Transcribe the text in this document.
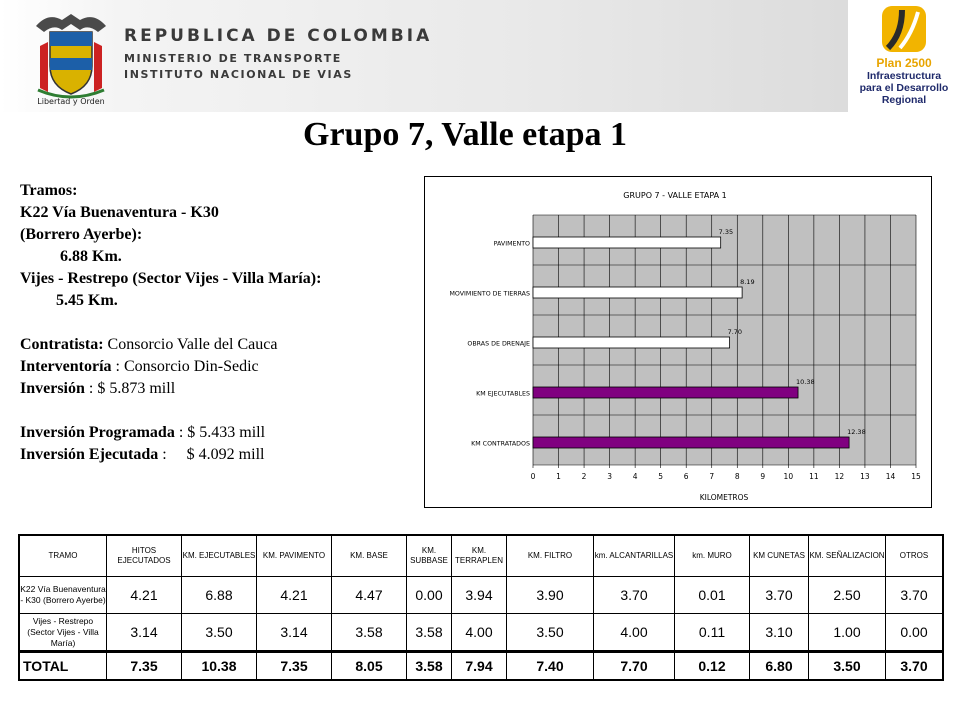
Libertad y Orden
REPUBLICA DE COLOMBIA
MINISTERIO DE TRANSPORTE
INSTITUTO NACIONAL DE VIAS
Plan 2500
Infraestructura
para el Desarrollo
Regional
Grupo 7, Valle etapa 1
Tramos:
K22 Vía Buenaventura - K30
(Borrero Ayerbe):
6.88 Km.
Vijes - Restrepo (Sector Vijes - Villa María):
5.45 Km.
Contratista: Consorcio Valle del Cauca
Interventoría : Consorcio Din-Sedic
Inversión : $ 5.873 mill
Inversión Programada : $ 5.433 mill
Inversión Ejecutada :     $ 4.092 mill
GRUPO 7 - VALLE ETAPA 1
KILOMETROS
PAVIMENTO
7.35
MOVIMIENTO DE TIERRAS
8.19
OBRAS DE DRENAJE
7.70
KM EJECUTABLES
10.38
KM CONTRATADOS
12.38
0	1	2	3	4	5	6	7	8	9 10 11 12 13 14 15
TRAMO	HITOS EJECUTADOS	KM. EJECUTABLES	KM. PAVIMENTO	KM. BASE	KM. SUBBASE	KM. TERRAPLEN	KM. FILTRO	km. ALCANTARILLAS	km. MURO	KM CUNETAS	KM. SEÑALIZACION	OTROS
K22 Vía Buenaventura - K30 (Borrero Ayerbe)	4.21	6.88	4.21	4.47	0.00	3.94	3.90	3.70	0.01	3.70	2.50	3.70
Vijes - Restrepo (Sector Vijes - Villa María)	3.14	3.50	3.14	3.58	3.58	4.00	3.50	4.00	0.11	3.10	1.00	0.00
TOTAL	7.35	10.38	7.35	8.05	3.58	7.94	7.40	7.70	0.12	6.80	3.50	3.70
